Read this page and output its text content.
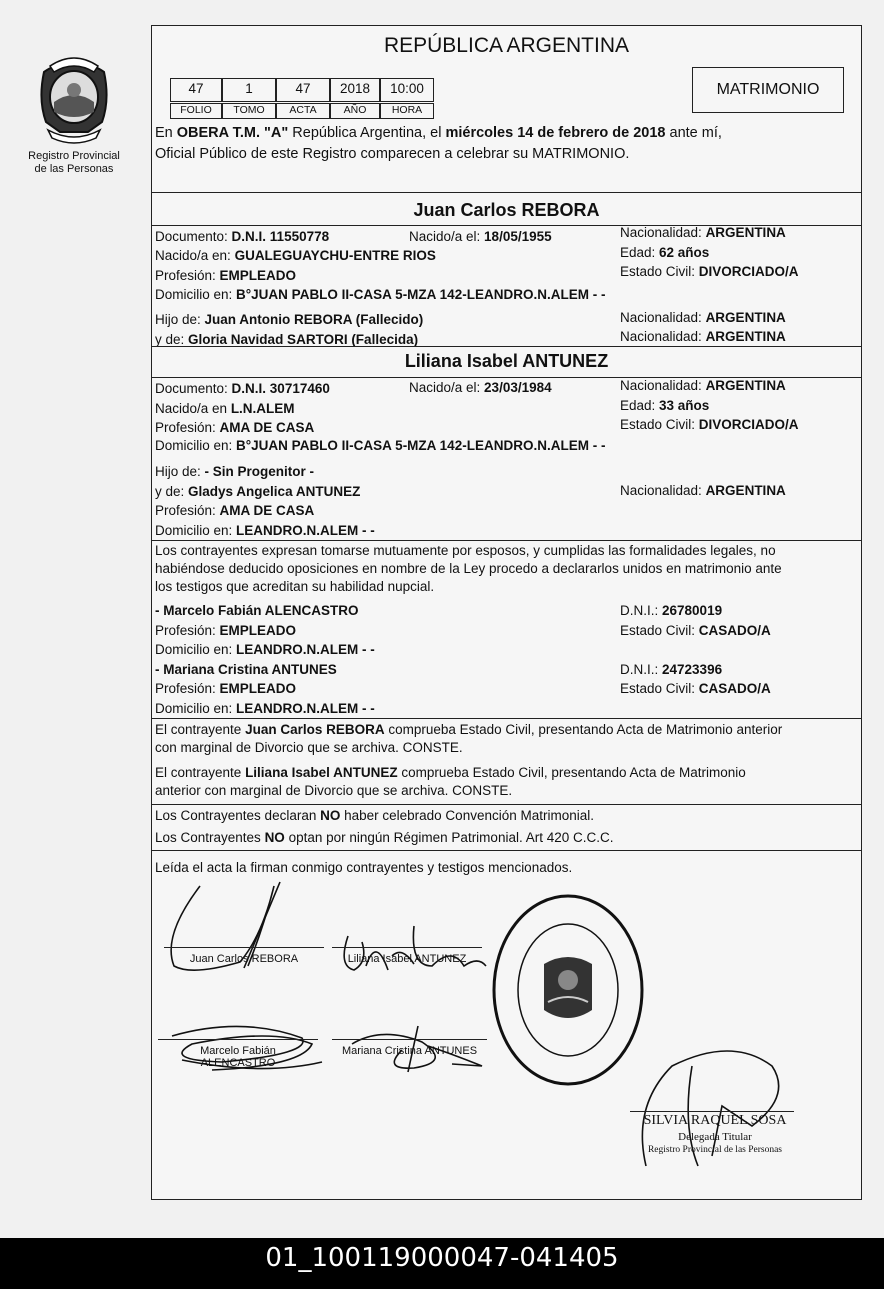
Registro Provincial
de las Personas
REPÚBLICA ARGENTINA
47	1	47	2018	10:00
FOLIO	TOMO	ACTA	AÑO	HORA
MATRIMONIO
En OBERA T.M. "A" República Argentina, el miércoles 14 de febrero de 2018 ante mí,
Oficial Público de este Registro comparecen a celebrar su MATRIMONIO.
Juan Carlos REBORA
Documento: D.N.I. 11550778	Nacido/a el: 18/05/1955	Nacionalidad: ARGENTINA
Nacido/a en: GUALEGUAYCHU-ENTRE RIOS	Edad: 62 años
Profesión: EMPLEADO	Estado Civil: DIVORCIADO/A
Domicilio en: B°JUAN PABLO II-CASA 5-MZA 142-LEANDRO.N.ALEM - -
Hijo de: Juan Antonio REBORA (Fallecido)	Nacionalidad: ARGENTINA
y de: Gloria Navidad SARTORI (Fallecida)	Nacionalidad: ARGENTINA
Liliana Isabel ANTUNEZ
Documento: D.N.I. 30717460	Nacido/a el: 23/03/1984	Nacionalidad: ARGENTINA
Nacido/a en L.N.ALEM	Edad: 33 años
Profesión: AMA DE CASA	Estado Civil: DIVORCIADO/A
Domicilio en: B°JUAN PABLO II-CASA 5-MZA 142-LEANDRO.N.ALEM - -
Hijo de: - Sin Progenitor -
y de: Gladys Angelica ANTUNEZ	Nacionalidad: ARGENTINA
Profesión: AMA DE CASA
Domicilio en: LEANDRO.N.ALEM - -
Los contrayentes expresan tomarse mutuamente por esposos, y cumplidas las formalidades legales, no
habiéndose deducido oposiciones en nombre de la Ley procedo a declararlos unidos en matrimonio ante
los testigos que acreditan su habilidad nupcial.
- Marcelo Fabián ALENCASTRO	D.N.I.: 26780019
Profesión: EMPLEADO	Estado Civil: CASADO/A
Domicilio en: LEANDRO.N.ALEM - -
- Mariana Cristina ANTUNES	D.N.I.: 24723396
Profesión: EMPLEADO	Estado Civil: CASADO/A
Domicilio en: LEANDRO.N.ALEM - -
El contrayente Juan Carlos REBORA comprueba Estado Civil, presentando Acta de Matrimonio anterior
con marginal de Divorcio que se archiva. CONSTE.
El contrayente Liliana Isabel ANTUNEZ comprueba Estado Civil, presentando Acta de Matrimonio
anterior con marginal de Divorcio que se archiva. CONSTE.
Los Contrayentes declaran NO haber celebrado Convención Matrimonial.
Los Contrayentes NO optan por ningún Régimen Patrimonial. Art 420 C.C.C.
Leída el acta la firman conmigo contrayentes y testigos mencionados.
Juan Carlos REBORA	Liliana Isabel ANTUNEZ
Marcelo Fabián
ALENCASTRO
Mariana Cristina ANTUNES
SILVIA RAQUEL SOSA
Delegada Titular
Registro Provincial de las Personas
01_100119000047-041405
